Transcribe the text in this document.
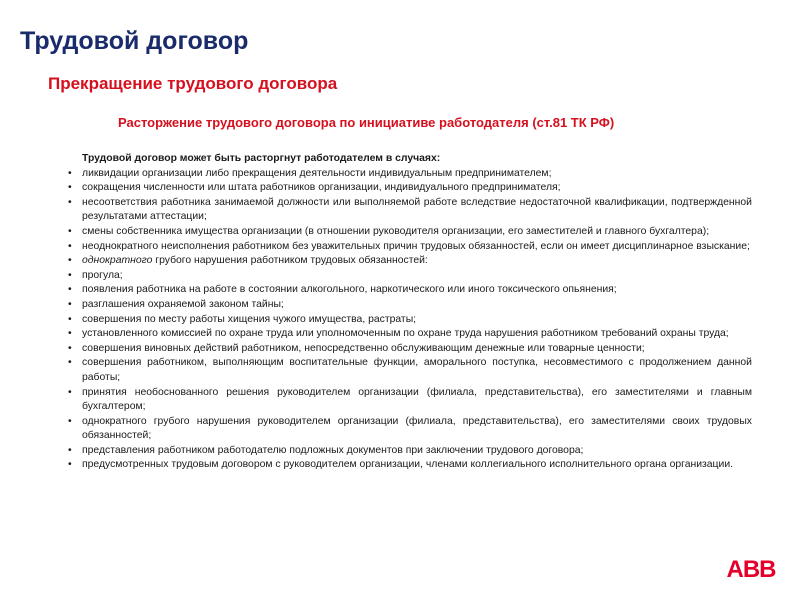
Трудовой договор
Прекращение трудового договора
Расторжение трудового договора по инициативе работодателя (ст.81 ТК РФ)
Трудовой договор может быть расторгнут работодателем в случаях:
• ликвидации организации либо прекращения деятельности индивидуальным предпринимателем;
• сокращения численности или штата работников организации, индивидуального предпринимателя;
• несоответствия работника занимаемой должности или выполняемой работе вследствие недостаточной квалификации, подтвержденной результатами аттестации;
• смены собственника имущества организации (в отношении руководителя организации, его заместителей и главного бухгалтера);
• неоднократного неисполнения работником без уважительных причин трудовых обязанностей, если он имеет дисциплинарное взыскание;
• однократного грубого нарушения работником трудовых обязанностей:
• прогула;
• появления работника на работе в состоянии алкогольного, наркотического или иного токсического опьянения;
• разглашения охраняемой законом тайны;
• совершения по месту работы хищения чужого имущества, растраты;
• установленного комиссией по охране труда или уполномоченным по охране труда нарушения работником требований охраны труда;
• совершения виновных действий работником, непосредственно обслуживающим денежные или товарные ценности;
• совершения работником, выполняющим воспитательные функции, аморального поступка, несовместимого с продолжением данной работы;
• принятия необоснованного решения руководителем организации (филиала, представительства), его заместителями и главным бухгалтером;
• однократного грубого нарушения руководителем организации (филиала, представительства), его заместителями своих трудовых обязанностей;
• представления работником работодателю подложных документов при заключении трудового договора;
• предусмотренных трудовым договором с руководителем организации, членами коллегиального исполнительного органа организации.
ABB
